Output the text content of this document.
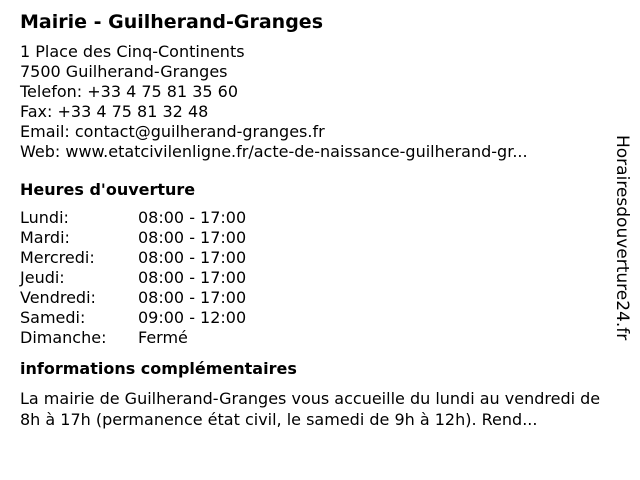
Mairie - Guilherand-Granges
1 Place des Cinq-Continents
7500 Guilherand-Granges
Telefon: +33 4 75 81 35 60
Fax: +33 4 75 81 32 48
Email: contact@guilherand-granges.fr
Web: www.etatcivilenligne.fr/acte-de-naissance-guilherand-gr...
Heures d'ouverture
Lundi:	08:00 - 17:00
Mardi:	08:00 - 17:00
Mercredi:	08:00 - 17:00
Jeudi:	08:00 - 17:00
Vendredi:	08:00 - 17:00
Samedi:	09:00 - 12:00
Dimanche: Fermé
informations complémentaires
La mairie de Guilherand-Granges vous accueille du lundi au vendredi de 8h à 17h (permanence état civil, le samedi de 9h à 12h). Rend...
Horairesdouverture24.fr
